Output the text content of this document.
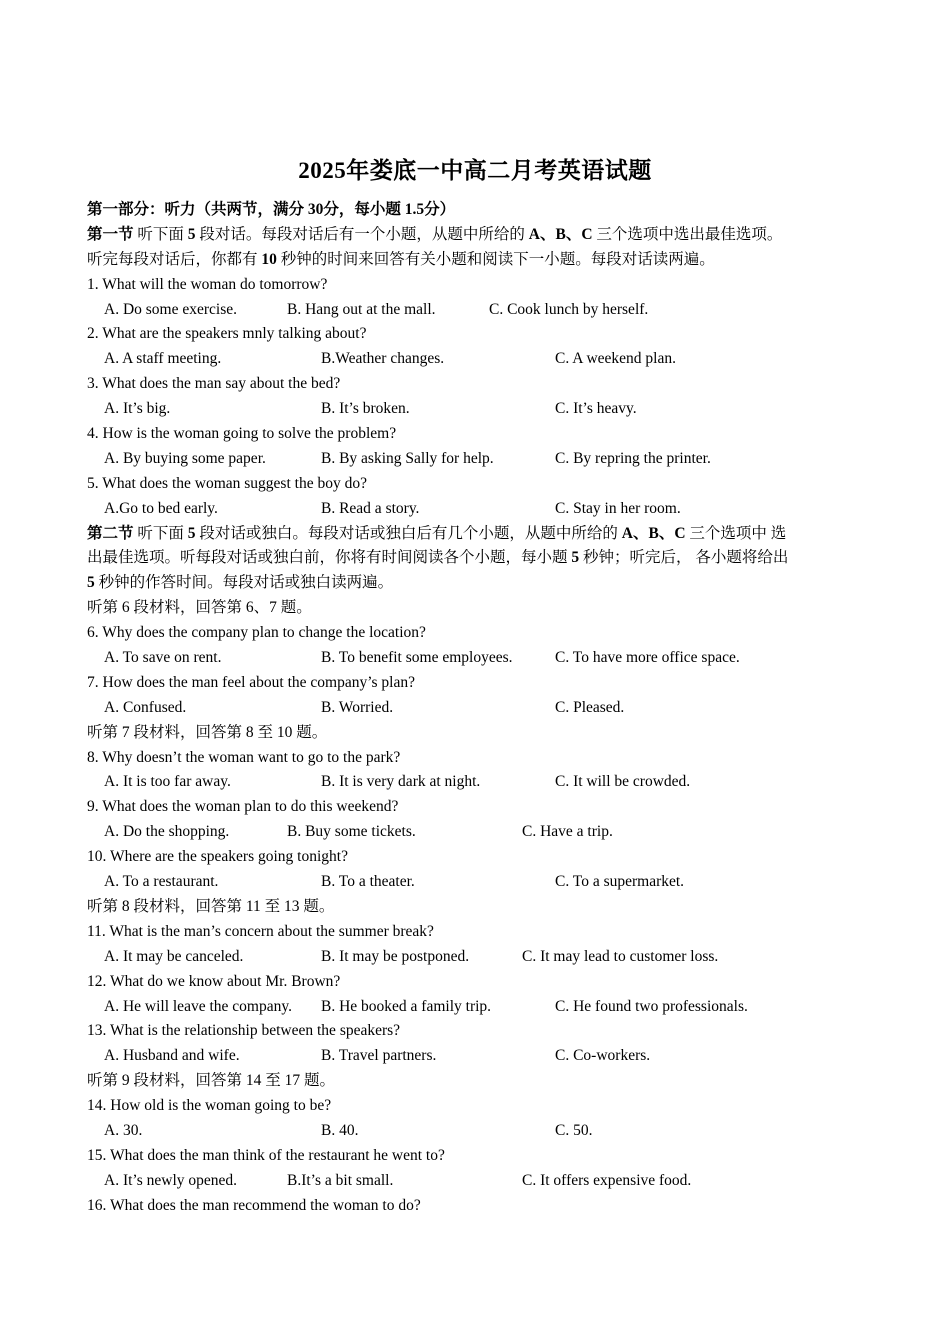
2025年娄底一中高二月考英语试题
第一部分：听力（共两节，满分 30分，每小题 1.5分）
第一节 听下面 5 段对话。每段对话后有一个小题，从题中所给的 A、B、C 三个选项中选出最佳选项。
听完每段对话后，你都有 10 秒钟的时间来回答有关小题和阅读下一小题。每段对话读两遍。
1. What will the woman do tomorrow?
A. Do some exercise.	B. Hang out at the mall.	C. Cook lunch by herself.
2. What are the speakers mnly talking about?
A. A staff meeting.	B.Weather changes.	C. A weekend plan.
3. What does the man say about the bed?
A. It’s big.	B. It’s broken.	C. It’s heavy.
4. How is the woman going to solve the problem?
A. By buying some paper.	B. By asking Sally for help.	C. By repring the printer.
5. What does the woman suggest the boy do?
A.Go to bed early.	B. Read a story.	C. Stay in her room.
第二节 听下面 5 段对话或独白。每段对话或独白后有几个小题，从题中所给的 A、B、C 三个选项中 选
出最佳选项。听每段对话或独白前，你将有时间阅读各个小题，每小题 5 秒钟；听完后， 各小题将给出
5 秒钟的作答时间。每段对话或独白读两遍。
听第 6 段材料，回答第 6、7 题。
6. Why does the company plan to change the location?
A. To save on rent.	B. To benefit some employees.	C. To have more office space.
7. How does the man feel about the company’s plan?
A. Confused.	B. Worried.	C. Pleased.
听第 7 段材料，回答第 8 至 10 题。
8. Why doesn’t the woman want to go to the park?
A. It is too far away.	B. It is very dark at night.	C. It will be crowded.
9. What does the woman plan to do this weekend?
A. Do the shopping.	B. Buy some tickets.	C. Have a trip.
10. Where are the speakers going tonight?
A. To a restaurant.	B. To a theater.	C. To a supermarket.
听第 8 段材料，回答第 11 至 13 题。
11. What is the man’s concern about the summer break?
A. It may be canceled.	B. It may be postponed.	C. It may lead to customer loss.
12. What do we know about Mr. Brown?
A. He will leave the company. B. He booked a family trip.	C. He found two professionals.
13. What is the relationship between the speakers?
A. Husband and wife.	B. Travel partners.	C. Co-workers.
听第 9 段材料，回答第 14 至 17 题。
14. How old is the woman going to be?
A. 30.	B. 40.	C. 50.
15. What does the man think of the restaurant he went to?
A. It’s newly opened.	B.It’s a bit small.	C. It offers expensive food.
16. What does the man recommend the woman to do?
